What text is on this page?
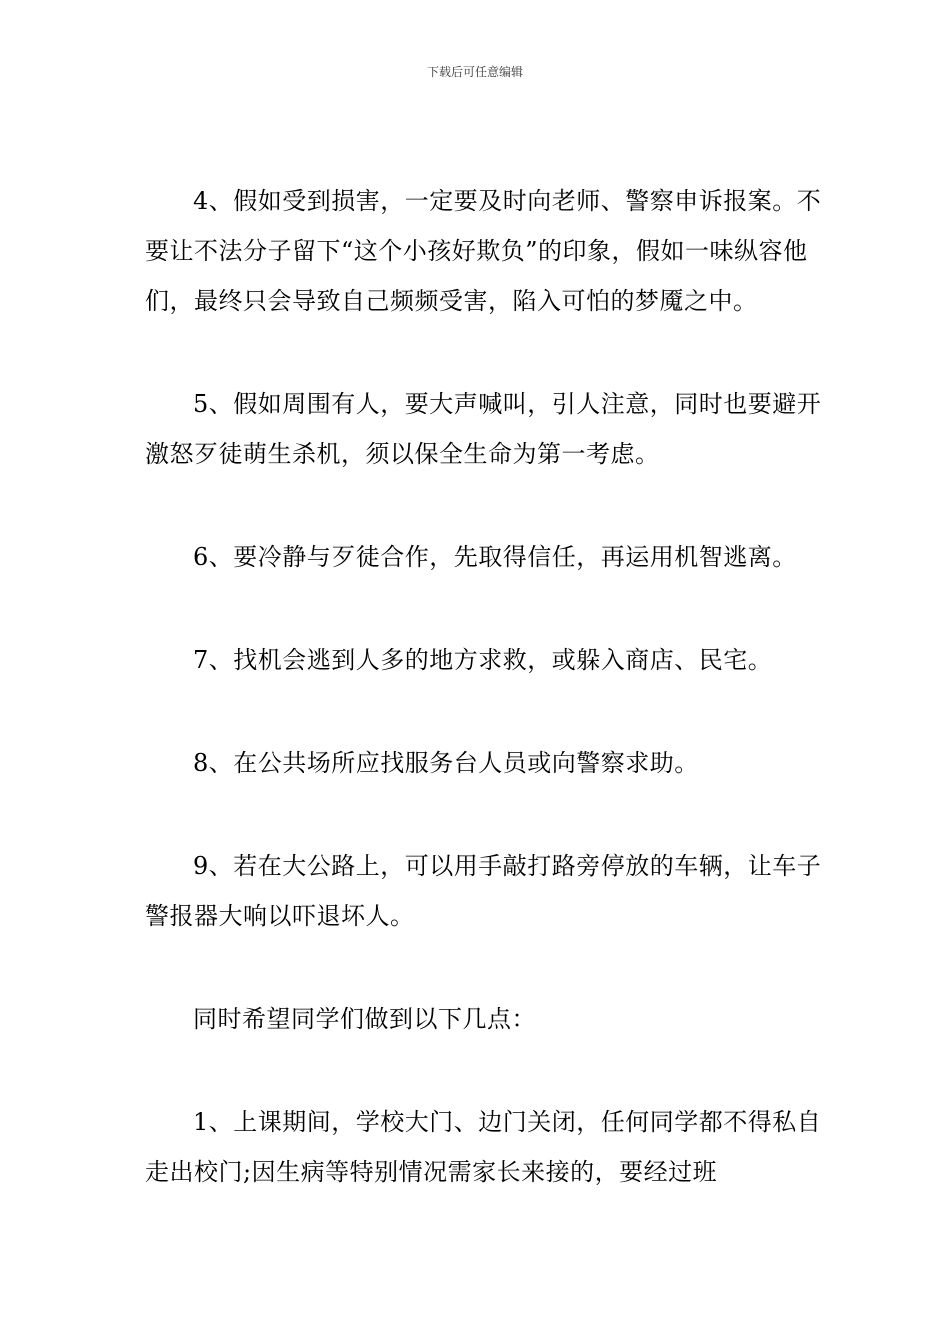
下载后可任意编辑

4、假如受到损害，一定要及时向老师、警察申诉报案。不要让不法分子留下“这个小孩好欺负”的印象，假如一味纵容他们，最终只会导致自己频频受害，陷入可怕的梦魇之中。

5、假如周围有人，要大声喊叫，引人注意，同时也要避开激怒歹徒萌生杀机，须以保全生命为第一考虑。

6、要冷静与歹徒合作，先取得信任，再运用机智逃离。

7、找机会逃到人多的地方求救，或躲入商店、民宅。

8、在公共场所应找服务台人员或向警察求助。

9、若在大公路上，可以用手敲打路旁停放的车辆，让车子警报器大响以吓退坏人。

同时希望同学们做到以下几点：

1、上课期间，学校大门、边门关闭，任何同学都不得私自走出校门;因生病等特别情况需家长来接的，要经过班
